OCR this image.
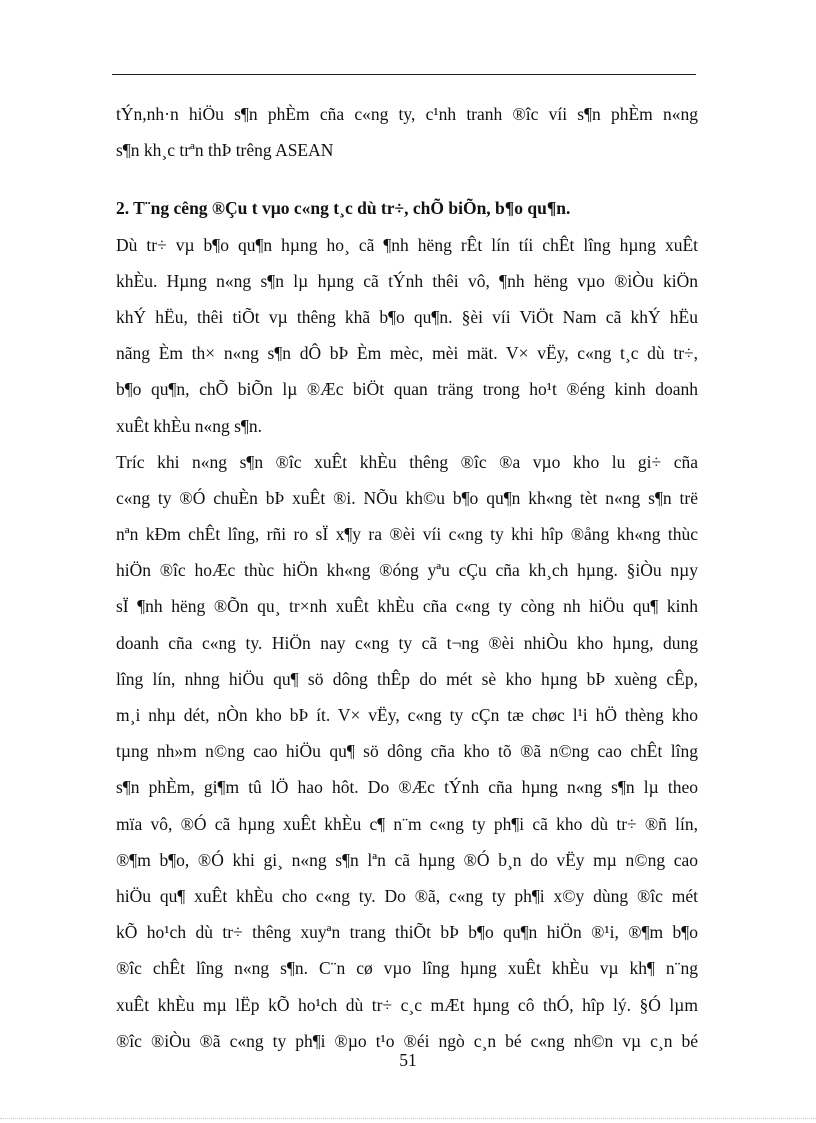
tÝn,nh·n hiÖu s¶n phÈm cña c«ng ty, c¹nh tranh ®îc víi s¶n phÈm n«ng
s¶n kh¸c trªn thÞ trêng ASEAN
2. T¨ng cêng ®Çu t vµo c«ng t¸c dù tr÷, chÕ biÕn, b¶o qu¶n.
Dù tr÷ vµ b¶o qu¶n hµng ho¸ cã ¶nh hëng rÊt lín tíi chÊt lîng hµng xuÊt
khÈu. Hµng n«ng s¶n lµ hµng cã tÝnh thêi vô, ¶nh hëng vµo ®iÒu kiÖn
khÝ hËu, thêi tiÕt vµ thêng khã b¶o qu¶n. §èi víi ViÖt Nam cã khÝ hËu
nãng Èm th× n«ng s¶n dÔ bÞ Èm mèc, mèi mät. V× vËy, c«ng t¸c dù tr÷,
b¶o qu¶n, chÕ biÕn lµ ®Æc biÖt quan träng trong ho¹t ®éng kinh doanh
xuÊt khÈu n«ng s¶n.
Tríc khi n«ng s¶n ®îc xuÊt khÈu thêng ®îc ®a vµo kho lu gi÷ cña
c«ng ty ®Ó chuÈn bÞ xuÊt ®i. NÕu kh©u b¶o qu¶n kh«ng tèt n«ng s¶n trë
nªn kÐm chÊt lîng, rñi ro sÏ x¶y ra ®èi víi c«ng ty khi hîp ®ång kh«ng thùc
hiÖn ®îc hoÆc thùc hiÖn kh«ng ®óng yªu cÇu cña kh¸ch hµng. §iÒu nµy
sÏ ¶nh hëng ®Õn qu¸ tr×nh xuÊt khÈu cña c«ng ty còng nh hiÖu qu¶ kinh
doanh cña c«ng ty. HiÖn nay c«ng ty cã t¬ng ®èi nhiÒu kho hµng, dung
lîng lín, nhng hiÖu qu¶ sö dông thÊp do mét sè kho hµng bÞ xuèng cÊp,
m¸i nhµ dét, nÒn kho bÞ ít. V× vËy, c«ng ty cÇn tæ chøc l¹i hÖ thèng kho
tµng nh»m n©ng cao hiÖu qu¶ sö dông cña kho tõ ®ã n©ng cao chÊt lîng
s¶n phÈm, gi¶m tû lÖ hao hôt. Do ®Æc tÝnh cña hµng n«ng s¶n lµ theo
mïa vô, ®Ó cã hµng xuÊt khÈu c¶ n¨m c«ng ty ph¶i cã kho dù tr÷ ®ñ lín,
®¶m b¶o, ®Ó khi gi¸ n«ng s¶n lªn cã hµng ®Ó b¸n do vËy mµ n©ng cao
hiÖu qu¶ xuÊt khÈu cho c«ng ty. Do ®ã, c«ng ty ph¶i x©y dùng ®îc mét
kÕ ho¹ch dù tr÷ thêng xuyªn trang thiÕt bÞ b¶o qu¶n hiÖn ®¹i, ®¶m b¶o
®îc chÊt lîng n«ng s¶n. C¨n cø vµo lîng hµng xuÊt khÈu vµ kh¶ n¨ng
xuÊt khÈu mµ lËp kÕ ho¹ch dù tr÷ c¸c mÆt hµng cô thÓ, hîp lý. §Ó lµm
®îc ®iÒu ®ã c«ng ty ph¶i ®µo t¹o ®éi ngò c¸n bé c«ng nh©n vµ c¸n bé
51
